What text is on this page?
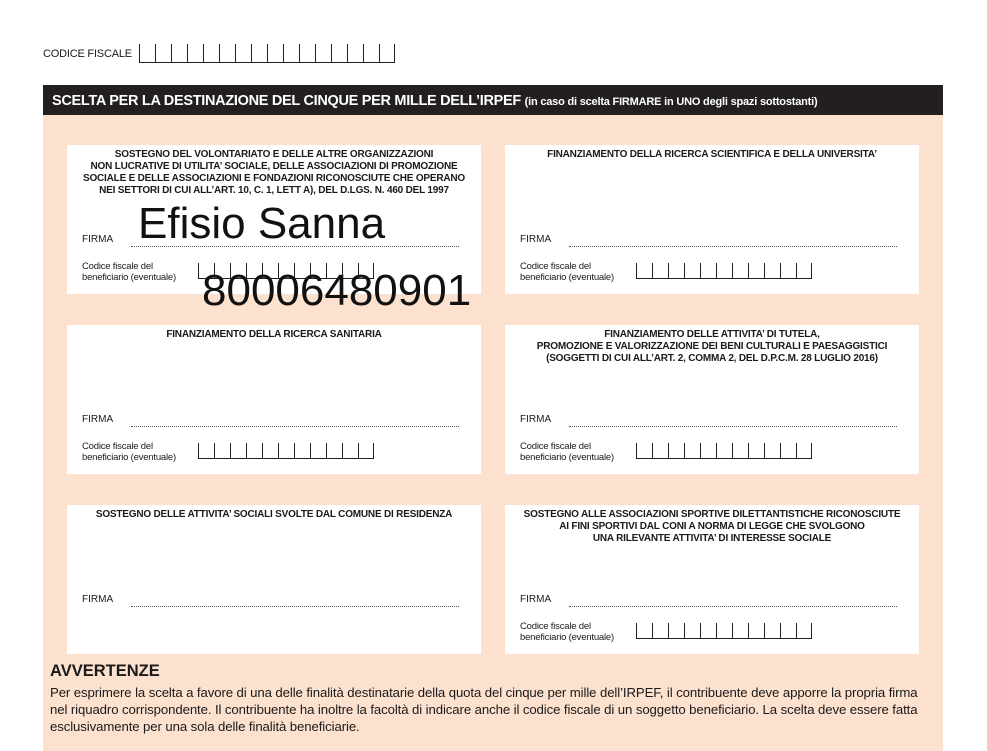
CODICE FISCALE
SCELTA PER LA DESTINAZIONE DEL CINQUE PER MILLE DELL’IRPEF (in caso di scelta FIRMARE in UNO degli spazi sottostanti)
SOSTEGNO DEL VOLONTARIATO E DELLE ALTRE ORGANIZZAZIONI
NON LUCRATIVE DI UTILITA’ SOCIALE, DELLE ASSOCIAZIONI DI PROMOZIONE
SOCIALE E DELLE ASSOCIAZIONI E FONDAZIONI RICONOSCIUTE CHE OPERANO
NEI SETTORI DI CUI ALL’ART. 10, C. 1, LETT A), DEL D.LGS. N. 460 DEL 1997
FIRMA
Codice fiscale del
beneficiario (eventuale)
FINANZIAMENTO DELLA RICERCA SCIENTIFICA E DELLA UNIVERSITA’
FIRMA
Codice fiscale del
beneficiario (eventuale)
FINANZIAMENTO DELLA RICERCA SANITARIA
FIRMA
Codice fiscale del
beneficiario (eventuale)
FINANZIAMENTO DELLE ATTIVITA’ DI TUTELA,
PROMOZIONE E VALORIZZAZIONE DEI BENI CULTURALI E PAESAGGISTICI
(SOGGETTI DI CUI ALL’ART. 2, COMMA 2, DEL D.P.C.M. 28 LUGLIO 2016)
FIRMA
Codice fiscale del
beneficiario (eventuale)
SOSTEGNO DELLE ATTIVITA’ SOCIALI SVOLTE DAL COMUNE DI RESIDENZA
FIRMA
SOSTEGNO ALLE ASSOCIAZIONI SPORTIVE DILETTANTISTICHE RICONOSCIUTE
AI FINI SPORTIVI DAL CONI A NORMA DI LEGGE CHE SVOLGONO
UNA RILEVANTE ATTIVITA’ DI INTERESSE SOCIALE
FIRMA
Codice fiscale del
beneficiario (eventuale)
Efisio Sanna
80006480901
AVVERTENZE
Per esprimere la scelta a favore di una delle finalità destinatarie della quota del cinque per mille dell’IRPEF, il contribuente deve apporre la propria firma nel riquadro corrispondente. Il contribuente ha inoltre la facoltà di indicare anche il codice fiscale di un soggetto beneficiario. La scelta deve essere fatta esclusivamente per una sola delle finalità beneficiarie.
